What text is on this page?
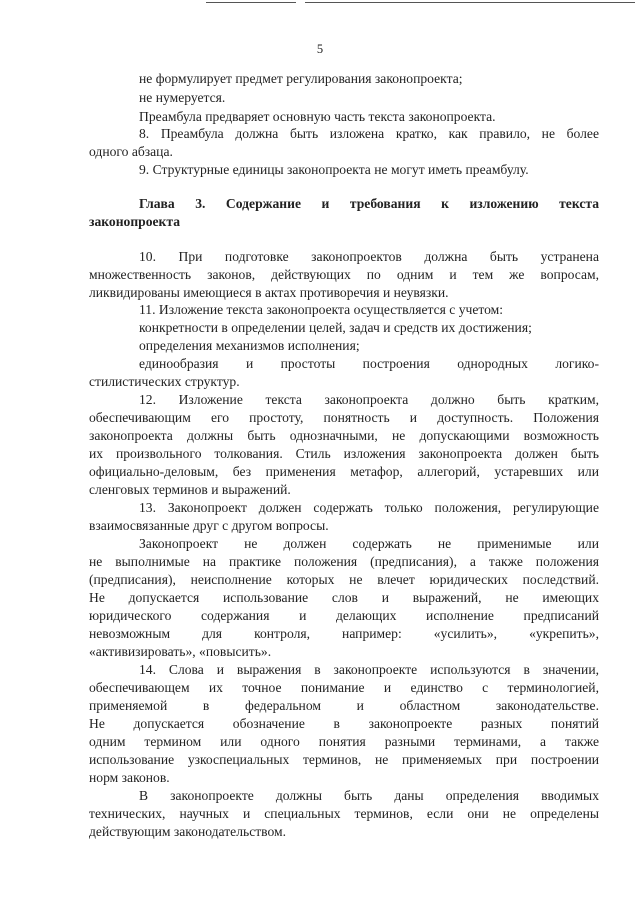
5
не формулирует предмет регулирования законопроекта;
не нумеруется.
Преамбула предваряет основную часть текста законопроекта.
8. Преамбула должна быть изложена кратко, как правило, не более
одного абзаца.
9. Структурные единицы законопроекта не могут иметь преамбулу.
Глава 3. Содержание и требования к изложению текста
законопроекта
10. При подготовке законопроектов должна быть устранена
множественность законов, действующих по одним и тем же вопросам,
ликвидированы имеющиеся в актах противоречия и неувязки.
11. Изложение текста законопроекта осуществляется с учетом:
конкретности в определении целей, задач и средств их достижения;
определения механизмов исполнения;
единообразия и простоты построения однородных логико-
стилистических структур.
12. Изложение текста законопроекта должно быть кратким,
обеспечивающим его простоту, понятность и доступность. Положения
законопроекта должны быть однозначными, не допускающими возможность
их произвольного толкования. Стиль изложения законопроекта должен быть
официально-деловым, без применения метафор, аллегорий, устаревших или
сленговых терминов и выражений.
13. Законопроект должен содержать только положения, регулирующие
взаимосвязанные друг с другом вопросы.
Законопроект не должен содержать не применимые или
не выполнимые на практике положения (предписания), а также положения
(предписания), неисполнение которых не влечет юридических последствий.
Не допускается использование слов и выражений, не имеющих
юридического содержания и делающих исполнение предписаний
невозможным для контроля, например: «усилить», «укрепить»,
«активизировать», «повысить».
14. Слова и выражения в законопроекте используются в значении,
обеспечивающем их точное понимание и единство с терминологией,
применяемой в федеральном и областном законодательстве.
Не допускается обозначение в законопроекте разных понятий
одним термином или одного понятия разными терминами, а также
использование узкоспециальных терминов, не применяемых при построении
норм законов.
В законопроекте должны быть даны определения вводимых
технических, научных и специальных терминов, если они не определены
действующим законодательством.
